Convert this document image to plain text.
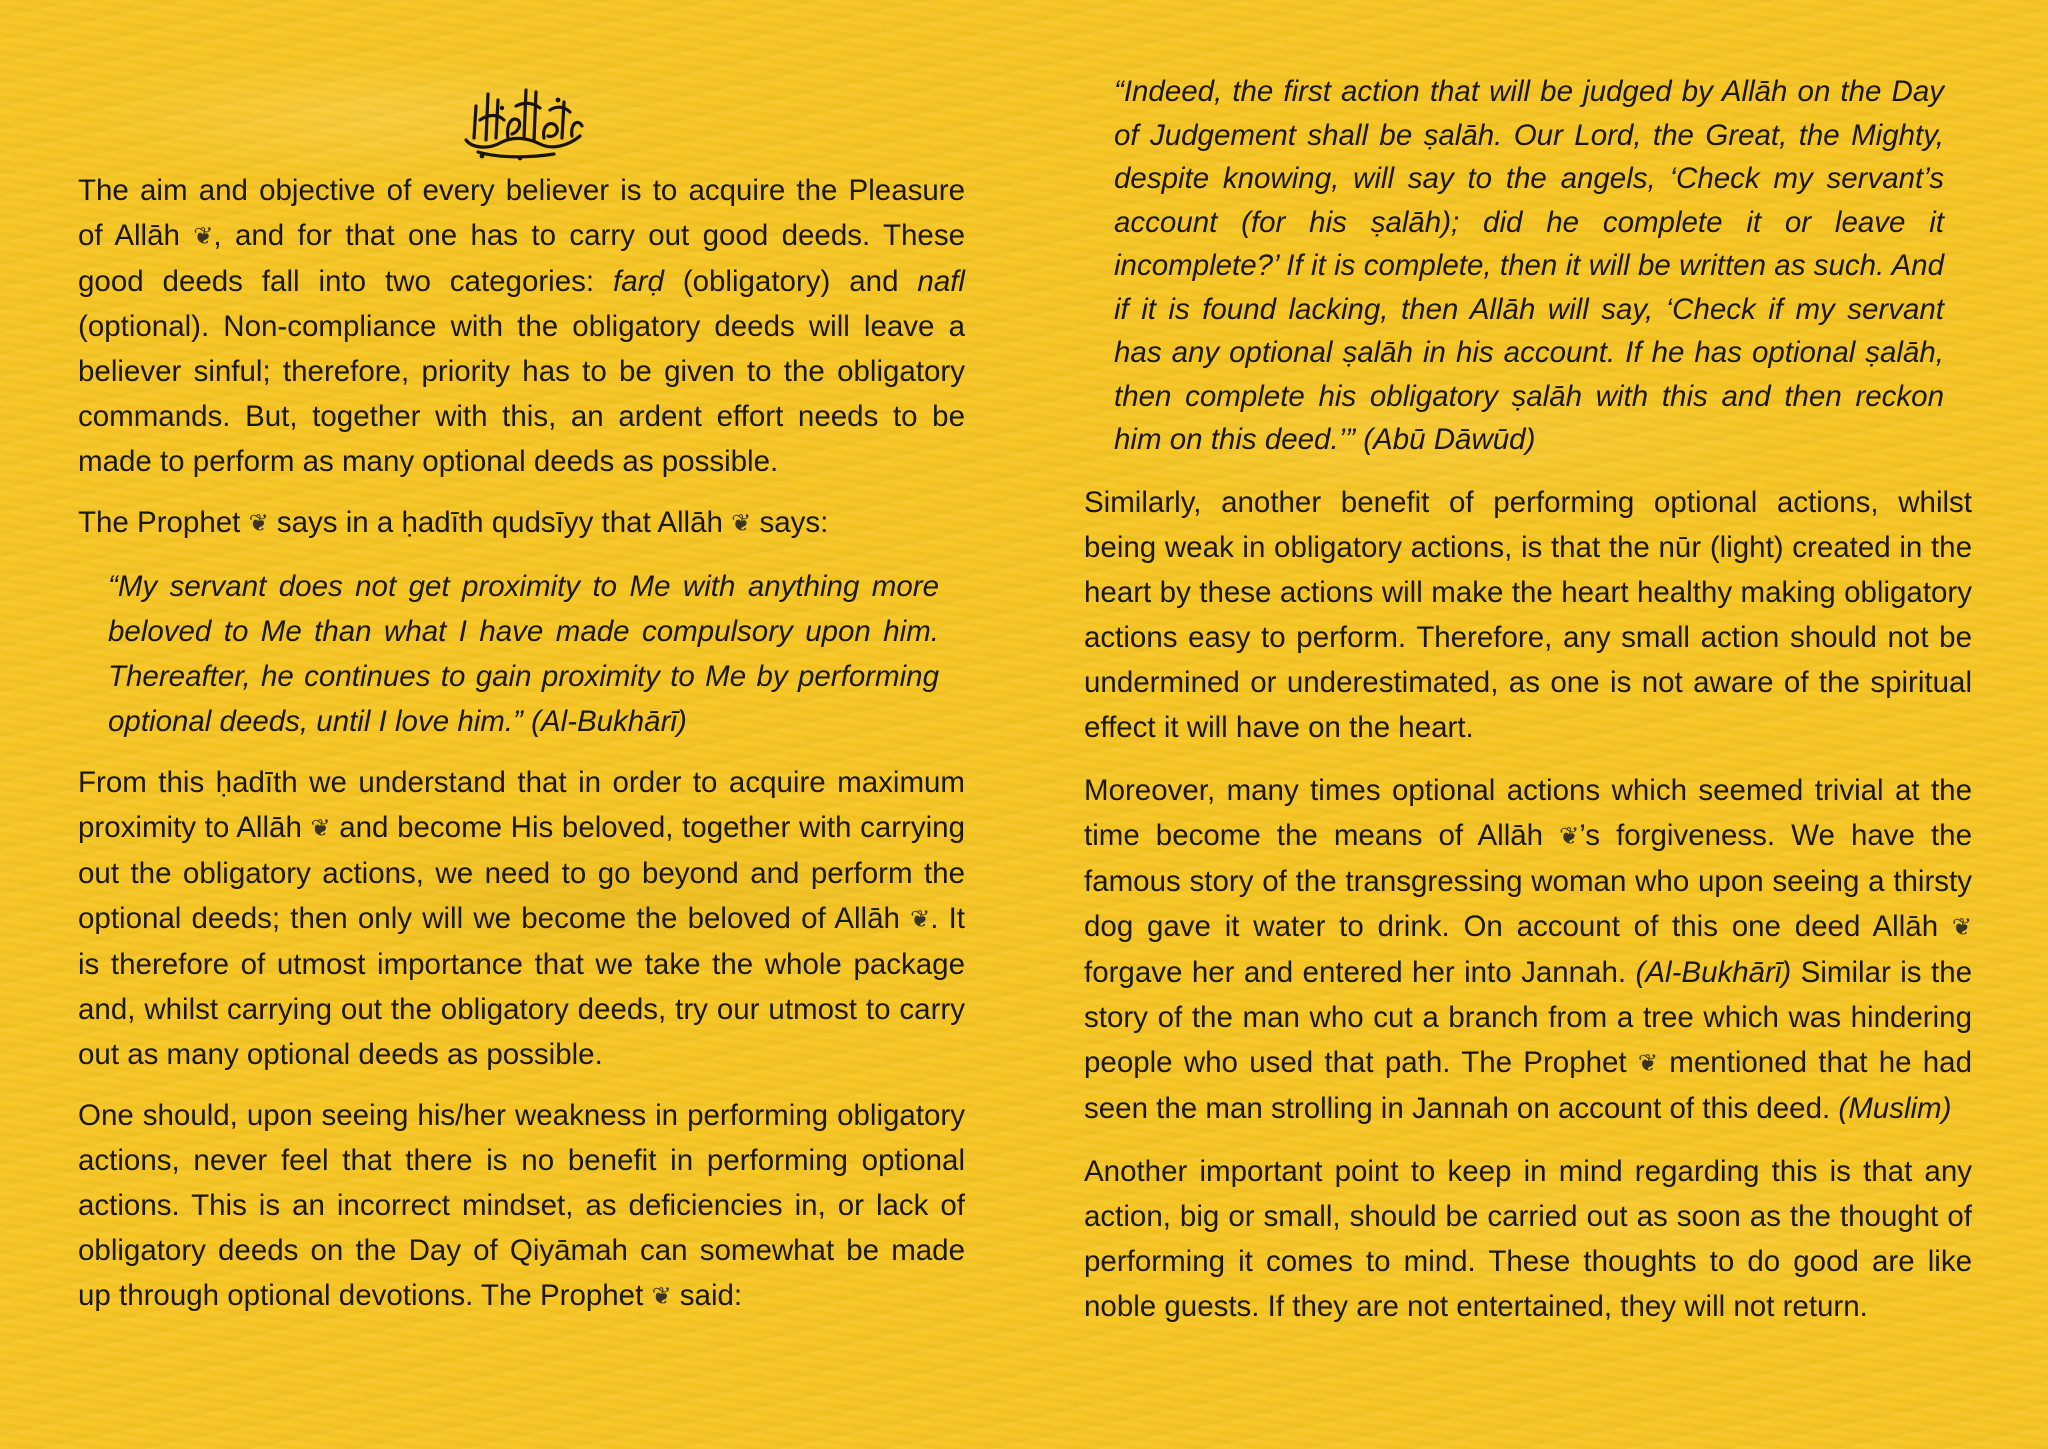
The aim and objective of every believer is to acquire the Pleasure of Allāh ❦, and for that one has to carry out good deeds. These good deeds fall into two categories: farḍ (obligatory) and nafl (optional). Non-compliance with the obligatory deeds will leave a believer sinful; therefore, priority has to be given to the obligatory commands. But, together with this, an ardent effort needs to be made to perform as many optional deeds as possible.

The Prophet ❦ says in a ḥadīth qudsīyy that Allāh ❦ says:

“My servant does not get proximity to Me with anything more beloved to Me than what I have made compulsory upon him. Thereafter, he continues to gain proximity to Me by performing optional deeds, until I love him.” (Al-Bukhārī)

From this ḥadīth we understand that in order to acquire maximum proximity to Allāh ❦ and become His beloved, together with carrying out the obligatory actions, we need to go beyond and perform the optional deeds; then only will we become the beloved of Allāh ❦. It is therefore of utmost importance that we take the whole package and, whilst carrying out the obligatory deeds, try our utmost to carry out as many optional deeds as possible.

One should, upon seeing his/her weakness in performing obligatory actions, never feel that there is no benefit in performing optional actions. This is an incorrect mindset, as deficiencies in, or lack of obligatory deeds on the Day of Qiyāmah can somewhat be made up through optional devotions. The Prophet ❦ said:

“Indeed, the first action that will be judged by Allāh on the Day of Judgement shall be ṣalāh. Our Lord, the Great, the Mighty, despite knowing, will say to the angels, ‘Check my servant’s account (for his ṣalāh); did he complete it or leave it incomplete?’ If it is complete, then it will be written as such. And if it is found lacking, then Allāh will say, ‘Check if my servant has any optional ṣalāh in his account. If he has optional ṣalāh, then complete his obligatory ṣalāh with this and then reckon him on this deed.’” (Abū Dāwūd)

Similarly, another benefit of performing optional actions, whilst being weak in obligatory actions, is that the nūr (light) created in the heart by these actions will make the heart healthy making obligatory actions easy to perform. Therefore, any small action should not be undermined or underestimated, as one is not aware of the spiritual effect it will have on the heart.

Moreover, many times optional actions which seemed trivial at the time become the means of Allāh ❦’s forgiveness. We have the famous story of the transgressing woman who upon seeing a thirsty dog gave it water to drink. On account of this one deed Allāh ❦ forgave her and entered her into Jannah. (Al-Bukhārī) Similar is the story of the man who cut a branch from a tree which was hindering people who used that path. The Prophet ❦ mentioned that he had seen the man strolling in Jannah on account of this deed. (Muslim)

Another important point to keep in mind regarding this is that any action, big or small, should be carried out as soon as the thought of performing it comes to mind. These thoughts to do good are like noble guests. If they are not entertained, they will not return.
